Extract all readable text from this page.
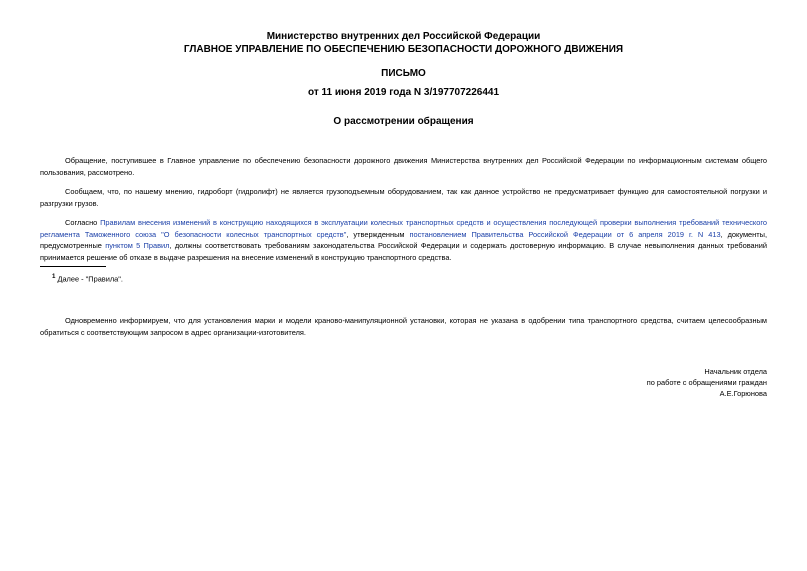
Министерство внутренних дел Российской Федерации
ГЛАВНОЕ УПРАВЛЕНИЕ ПО ОБЕСПЕЧЕНИЮ БЕЗОПАСНОСТИ ДОРОЖНОГО ДВИЖЕНИЯ
ПИСЬМО
от 11 июня 2019 года N 3/197707226441
О рассмотрении обращения
Обращение, поступившее в Главное управление по обеспечению безопасности дорожного движения Министерства внутренних дел Российской Федерации по информационным системам общего пользования, рассмотрено.
Сообщаем, что, по нашему мнению, гидроборт (гидролифт) не является грузоподъемным оборудованием, так как данное устройство не предусматривает функцию для самостоятельной погрузки и разгрузки грузов.
Согласно Правилам внесения изменений в конструкцию находящихся в эксплуатации колесных транспортных средств и осуществления последующей проверки выполнения требований технического регламента Таможенного союза "О безопасности колесных транспортных средств", утвержденным постановлением Правительства Российской Федерации от 6 апреля 2019 г. N 413, документы, предусмотренные пунктом 5 Правил, должны соответствовать требованиям законодательства Российской Федерации и содержать достоверную информацию. В случае невыполнения данных требований принимается решение об отказе в выдаче разрешения на внесение изменений в конструкцию транспортного средства.
$^1$ Далее - "Правила".
Одновременно информируем, что для установления марки и модели краново-манипуляционной установки, которая не указана в одобрении типа транспортного средства, считаем целесообразным обратиться с соответствующим запросом в адрес организации-изготовителя.
Начальник отдела
по работе с обращениями граждан
А.Е.Горюнова
